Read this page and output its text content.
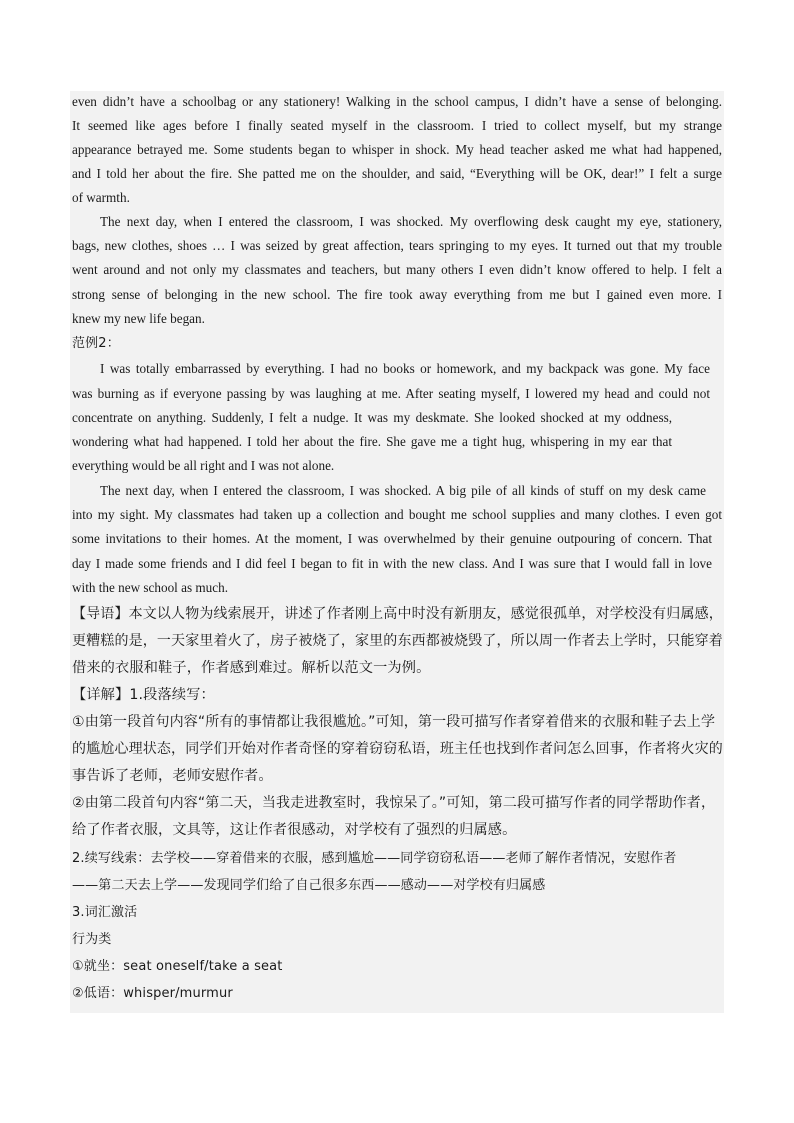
even didn’t have a schoolbag or any stationery! Walking in the school campus, I didn’t have a sense of belonging.
It seemed like ages before I finally seated myself in the classroom. I tried to collect myself, but my strange
appearance betrayed me. Some students began to whisper in shock. My head teacher asked me what had happened,
and I told her about the fire. She patted me on the shoulder, and said, “Everything will be OK, dear!” I felt a surge
of warmth.
The next day, when I entered the classroom, I was shocked. My overflowing desk caught my eye, stationery,
bags, new clothes, shoes … I was seized by great affection, tears springing to my eyes. It turned out that my trouble
went around and not only my classmates and teachers, but many others I even didn’t know offered to help. I felt a
strong sense of belonging in the new school. The fire took away everything from me but I gained even more. I
knew my new life began.
范例2：
I was totally embarrassed by everything. I had no books or homework, and my backpack was gone. My face
was burning as if everyone passing by was laughing at me. After seating myself, I lowered my head and could not
concentrate on anything. Suddenly, I felt a nudge. It was my deskmate. She looked shocked at my oddness,
wondering what had happened. I told her about the fire. She gave me a tight hug, whispering in my ear that
everything would be all right and I was not alone.
The next day, when I entered the classroom, I was shocked. A big pile of all kinds of stuff on my desk came
into my sight. My classmates had taken up a collection and bought me school supplies and many clothes. I even got
some invitations to their homes. At the moment, I was overwhelmed by their genuine outpouring of concern. That
day I made some friends and I did feel I began to fit in with the new class. And I was sure that I would fall in love
with the new school as much.
【导语】本文以人物为线索展开，讲述了作者刚上高中时没有新朋友，感觉很孤单，对学校没有归属感，
更糟糕的是，一天家里着火了，房子被烧了，家里的东西都被烧毁了，所以周一作者去上学时，只能穿着
借来的衣服和鞋子，作者感到难过。解析以范文一为例。
【详解】1.段落续写：
①由第一段首句内容“所有的事情都让我很尴尬。”可知，第一段可描写作者穿着借来的衣服和鞋子去上学
的尴尬心理状态，同学们开始对作者奇怪的穿着窃窃私语，班主任也找到作者问怎么回事，作者将火灾的
事告诉了老师，老师安慰作者。
②由第二段首句内容“第二天，当我走进教室时，我惊呆了。”可知，第二段可描写作者的同学帮助作者，
给了作者衣服，文具等，这让作者很感动，对学校有了强烈的归属感。
2.续写线索：去学校——穿着借来的衣服，感到尴尬——同学窃窃私语——老师了解作者情况，安慰作者
——第二天去上学——发现同学们给了自己很多东西——感动——对学校有归属感
3.词汇激活
行为类
①就坐：seat oneself/take a seat
②低语：whisper/murmur
